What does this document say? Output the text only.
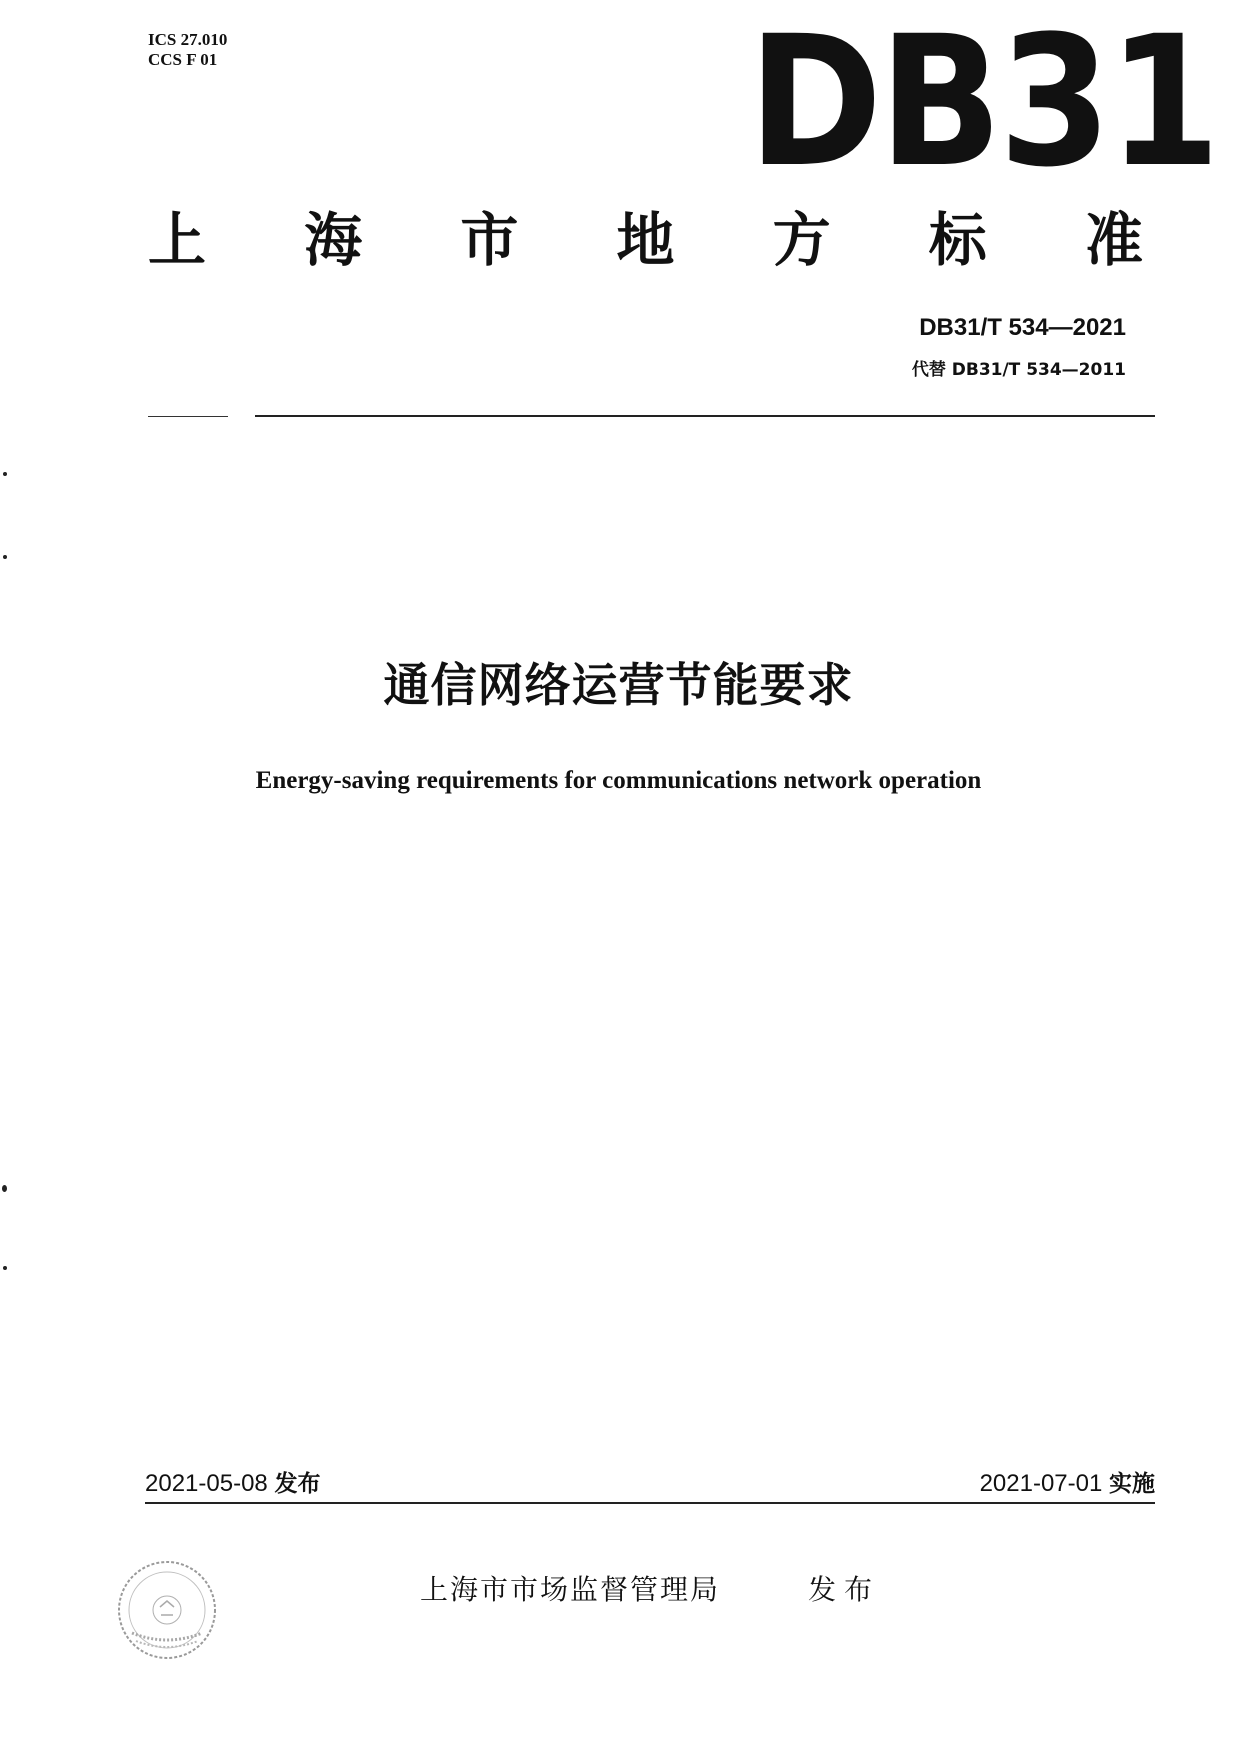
ICS 27.010
CCS F 01	DB31
上 海 市 地 方 标 准
DB31/T 534—2021
代替 DB31/T 534—2011
通信网络运营节能要求
Energy-saving requirements for communications network operation
2021-05-08 发布	2021-07-01 实施
上海市市场监督管理局	发布
